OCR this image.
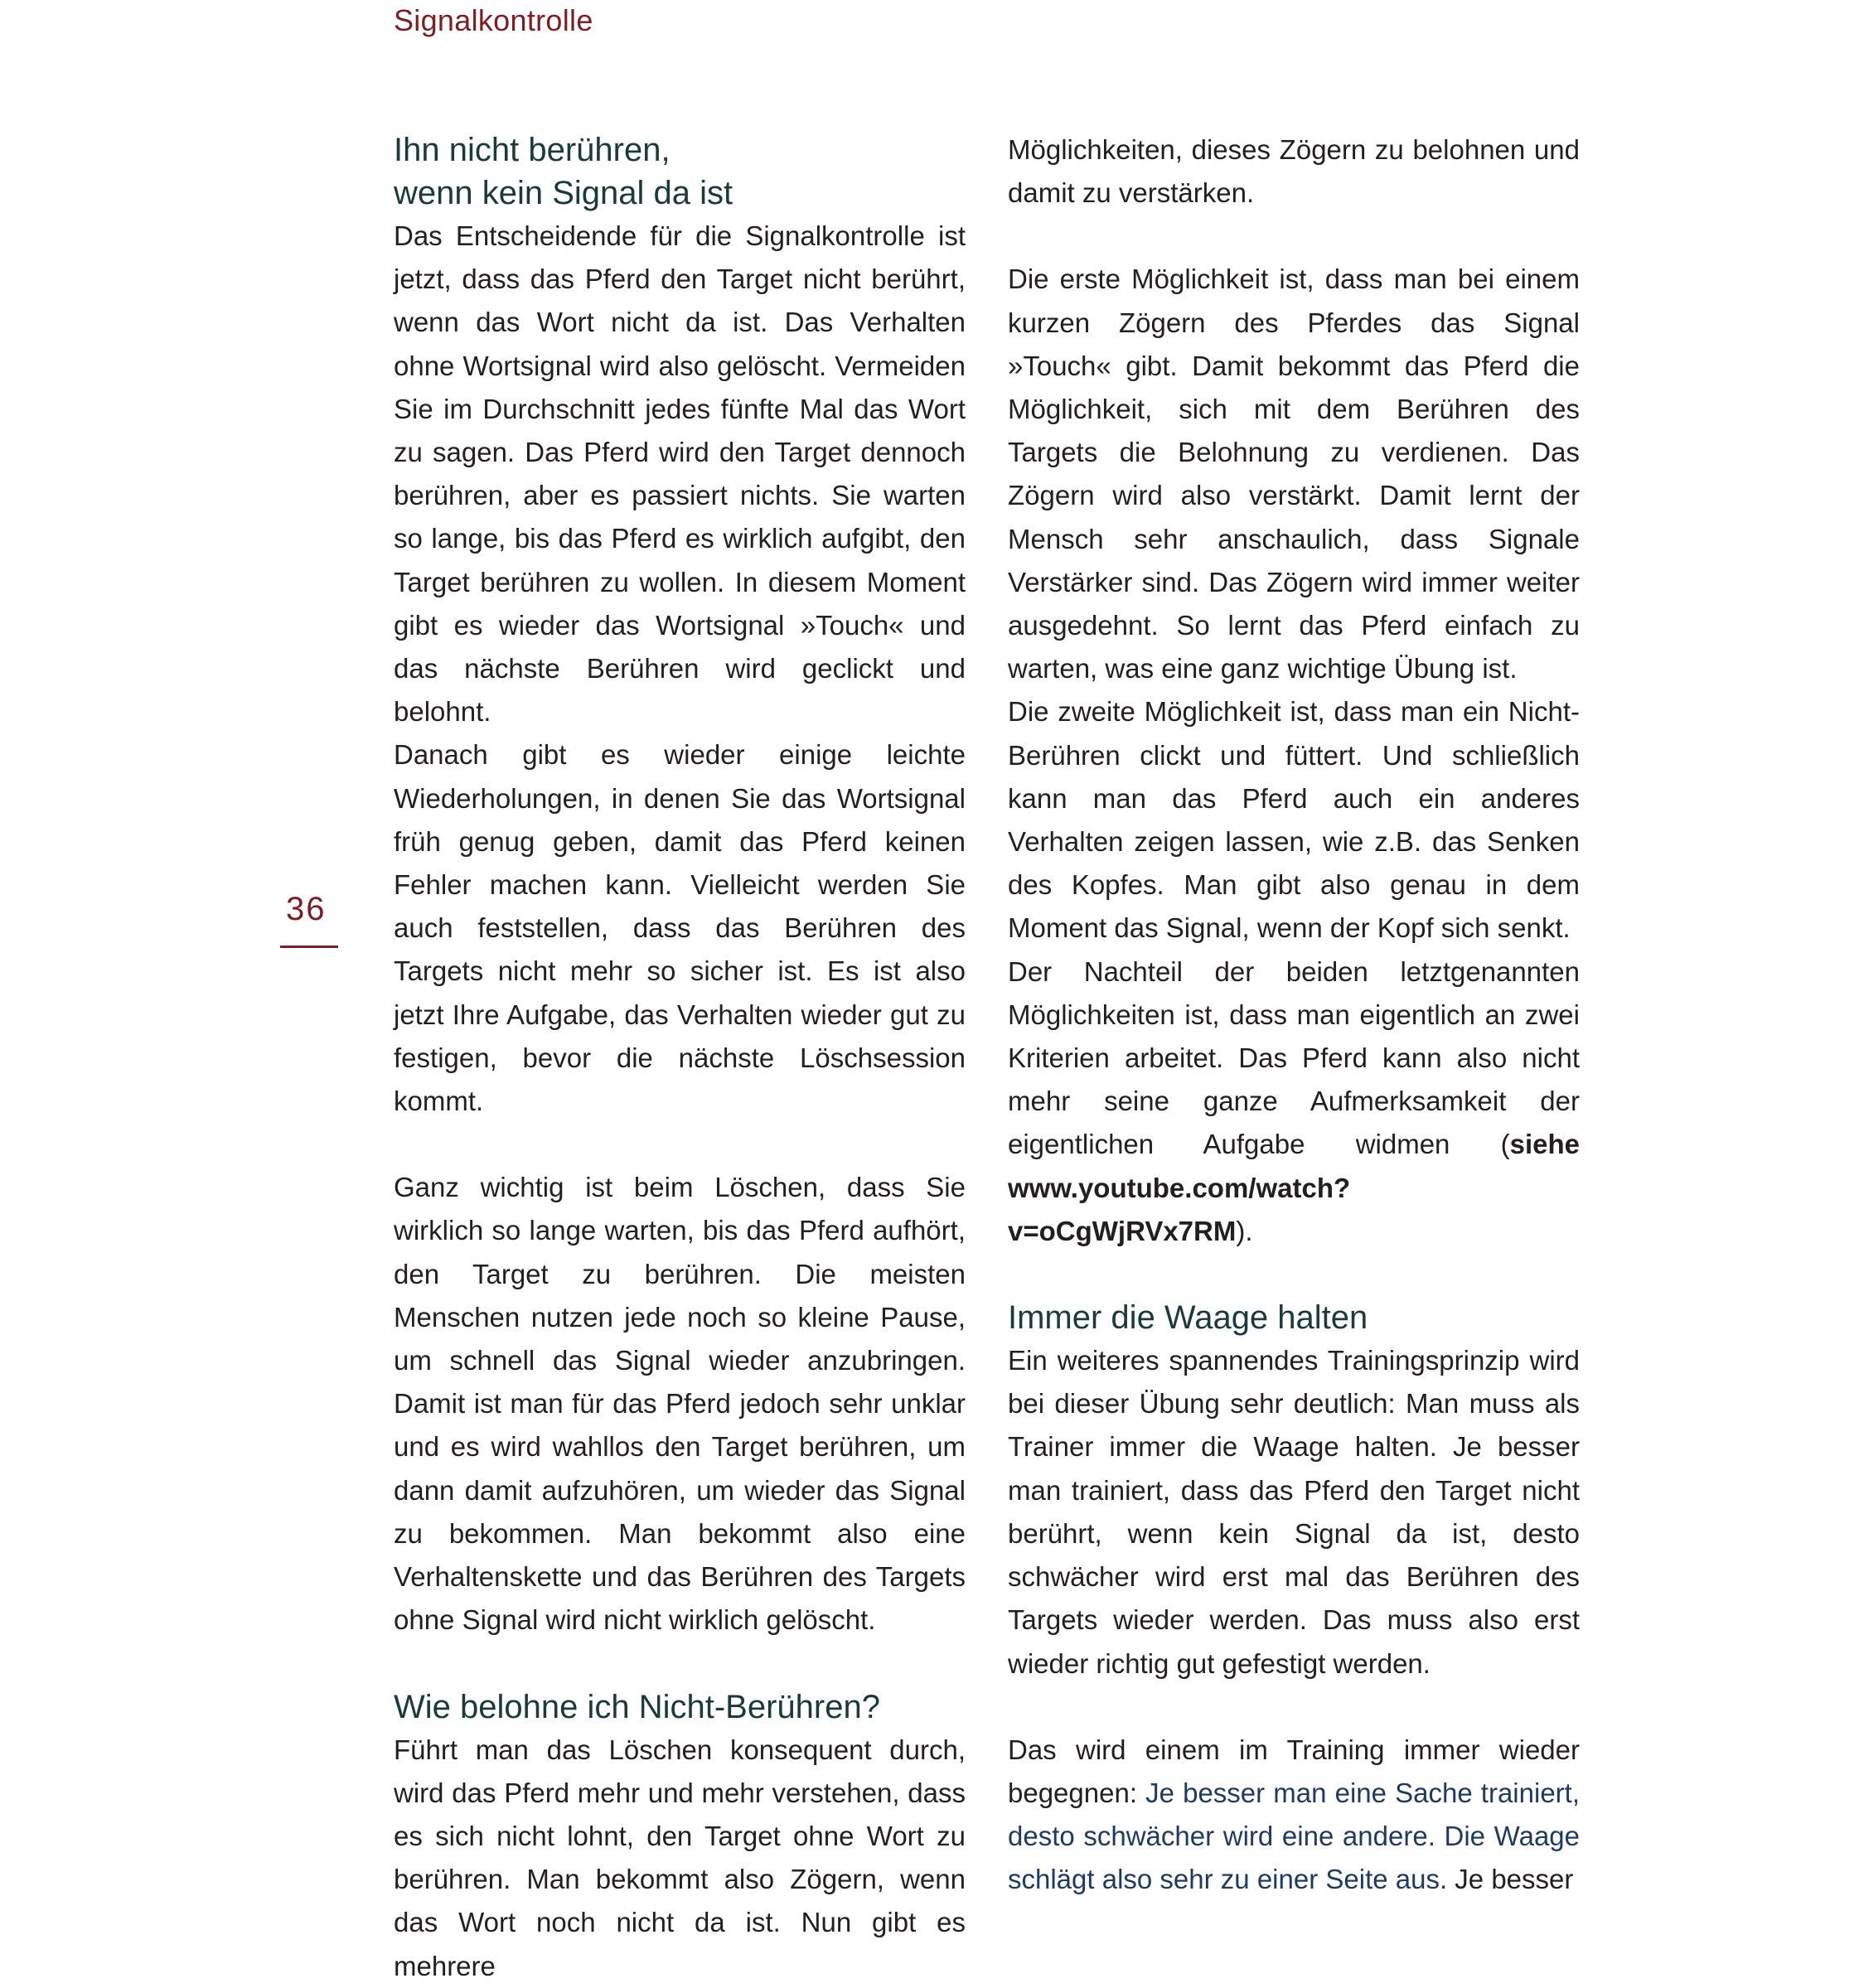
Signalkontrolle
36
Ihn nicht berühren,
wenn kein Signal da ist

Das Entscheidende für die Signalkontrolle ist jetzt, dass das Pferd den Target nicht berührt, wenn das Wort nicht da ist. Das Verhalten ohne Wortsignal wird also gelöscht. Vermeiden Sie im Durchschnitt jedes fünfte Mal das Wort zu sagen. Das Pferd wird den Target dennoch berühren, aber es passiert nichts. Sie warten so lange, bis das Pferd es wirklich aufgibt, den Target berühren zu wollen. In diesem Moment gibt es wieder das Wortsignal »Touch« und das nächste Berühren wird geclickt und belohnt.

Danach gibt es wieder einige leichte Wiederholungen, in denen Sie das Wortsignal früh genug geben, damit das Pferd keinen Fehler machen kann. Vielleicht werden Sie auch feststellen, dass das Berühren des Targets nicht mehr so sicher ist. Es ist also jetzt Ihre Aufgabe, das Verhalten wieder gut zu festigen, bevor die nächste Löschsession kommt.

Ganz wichtig ist beim Löschen, dass Sie wirklich so lange warten, bis das Pferd aufhört, den Target zu berühren. Die meisten Menschen nutzen jede noch so kleine Pause, um schnell das Signal wieder anzubringen. Damit ist man für das Pferd jedoch sehr unklar und es wird wahllos den Target berühren, um dann damit aufzuhören, um wieder das Signal zu bekommen. Man bekommt also eine Verhaltenskette und das Berühren des Targets ohne Signal wird nicht wirklich gelöscht.

Wie belohne ich Nicht-Berühren?

Führt man das Löschen konsequent durch, wird das Pferd mehr und mehr verstehen, dass es sich nicht lohnt, den Target ohne Wort zu berühren. Man bekommt also Zögern, wenn das Wort noch nicht da ist. Nun gibt es mehrere

Möglichkeiten, dieses Zögern zu belohnen und damit zu verstärken.

Die erste Möglichkeit ist, dass man bei einem kurzen Zögern des Pferdes das Signal »Touch« gibt. Damit bekommt das Pferd die Möglichkeit, sich mit dem Berühren des Targets die Belohnung zu verdienen. Das Zögern wird also verstärkt. Damit lernt der Mensch sehr anschaulich, dass Signale Verstärker sind. Das Zögern wird immer weiter ausgedehnt. So lernt das Pferd einfach zu warten, was eine ganz wichtige Übung ist.

Die zweite Möglichkeit ist, dass man ein Nicht-Berühren clickt und füttert. Und schließlich kann man das Pferd auch ein anderes Verhalten zeigen lassen, wie z.B. das Senken des Kopfes. Man gibt also genau in dem Moment das Signal, wenn der Kopf sich senkt.

Der Nachteil der beiden letztgenannten Möglichkeiten ist, dass man eigentlich an zwei Kriterien arbeitet. Das Pferd kann also nicht mehr seine ganze Aufmerksamkeit der eigentlichen Aufgabe widmen (siehe www.youtube.com/watch?v=oCgWjRVx7RM).

Immer die Waage halten

Ein weiteres spannendes Trainingsprinzip wird bei dieser Übung sehr deutlich: Man muss als Trainer immer die Waage halten. Je besser man trainiert, dass das Pferd den Target nicht berührt, wenn kein Signal da ist, desto schwächer wird erst mal das Berühren des Targets wieder werden. Das muss also erst wieder richtig gut gefestigt werden.

Das wird einem im Training immer wieder begegnen: Je besser man eine Sache trainiert, desto schwächer wird eine andere. Die Waage schlägt also sehr zu einer Seite aus. Je besser
